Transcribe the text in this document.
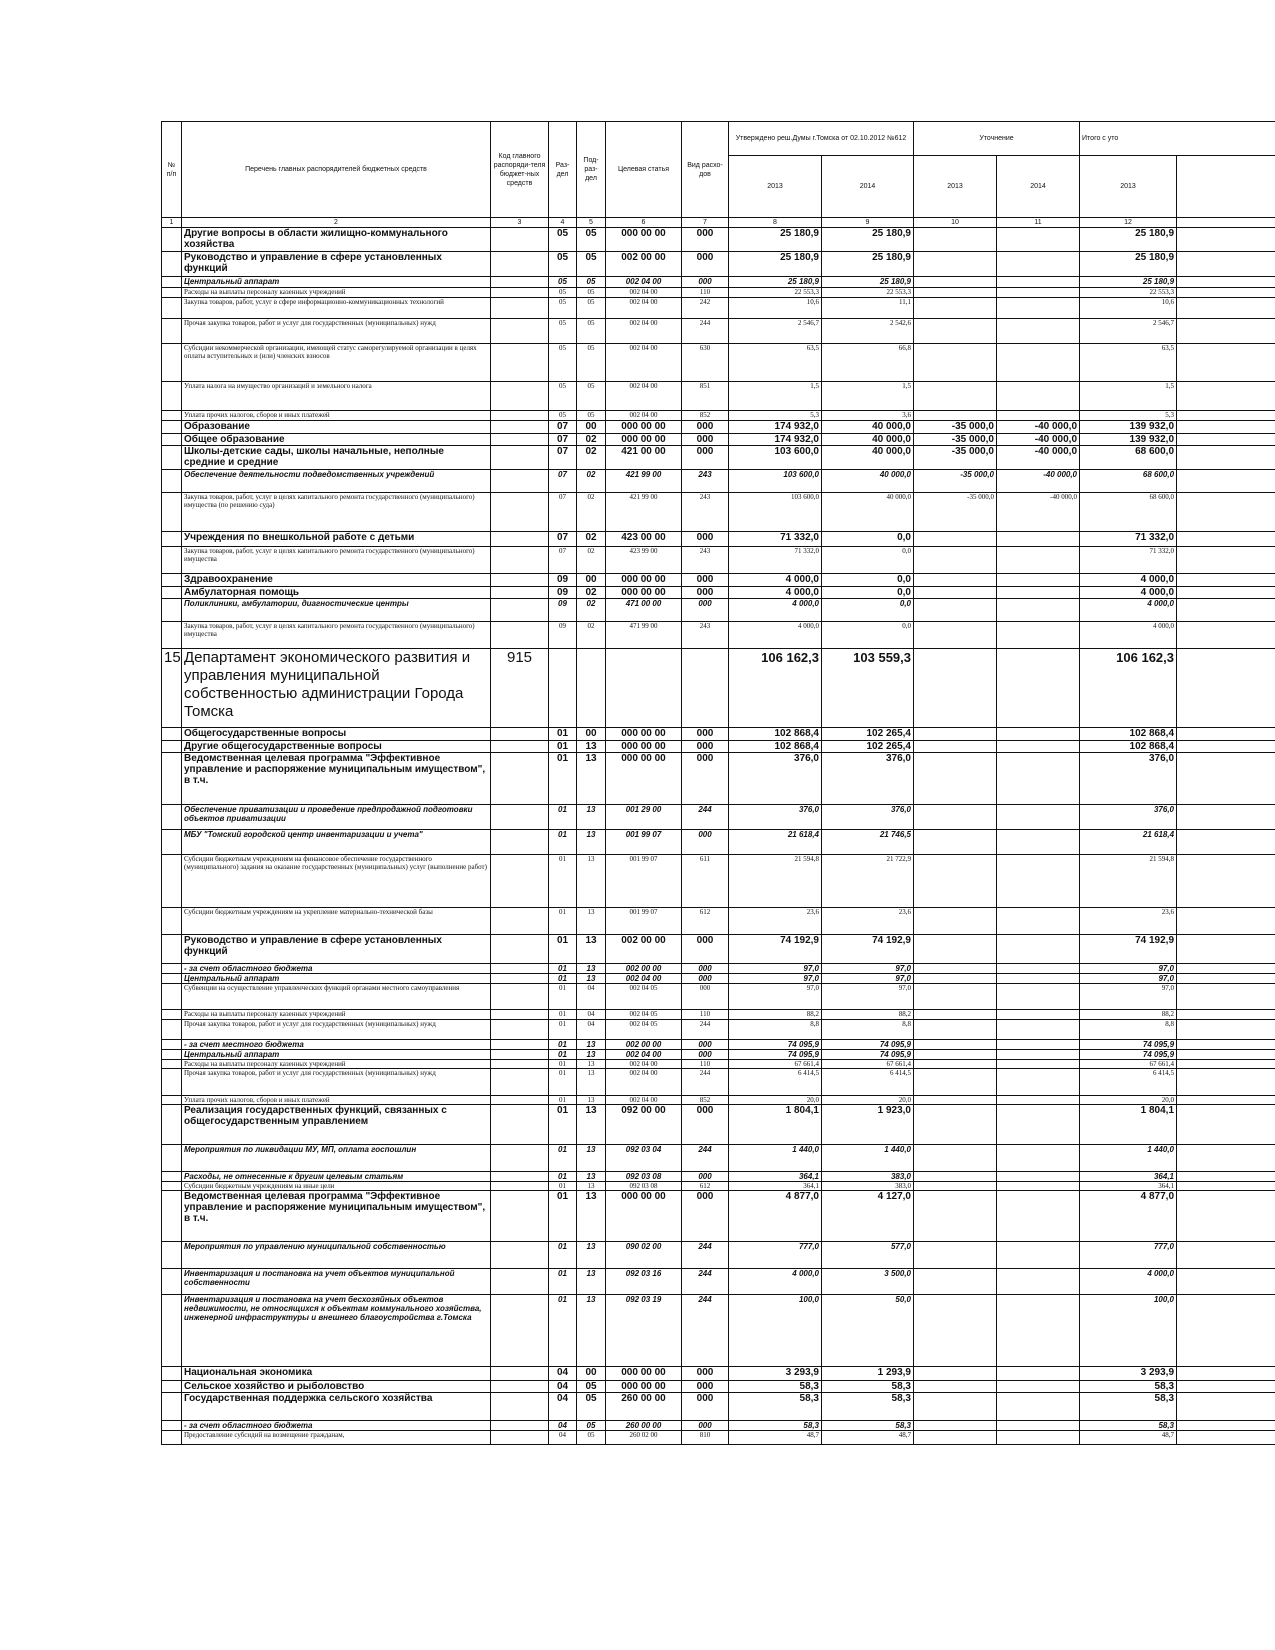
№ п/п	Перечень главных распорядителей бюджетных средств	Код главного распоряди-теля бюджет-ных средств	Раз-дел	Под-раз-дел	Целевая статья	Вид расхо-дов	Утверждено реш.Думы г.Томска от 02.10.2012 №612		Уточнение		Итого с уто	
							2013	2014	2013	2014	2013	
1	2	3	4	5	6	7	8	9	10	11	12	
	Другие вопросы в области жилищно-коммунального хозяйства		05	05	000 00 00	000	25 180,9	25 180,9			25 180,9	
	Руководство и управление в сфере установленных функций		05	05	002 00 00	000	25 180,9	25 180,9			25 180,9	
	Центральный аппарат		05	05	002 04 00	000	25 180,9	25 180,9			25 180,9	
	Расходы на выплаты персоналу казенных учреждений		05	05	002 04 00	110	22 553,3	22 553,3			22 553,3	
	Закупка товаров, работ, услуг в сфере информационно-коммуникационных технологий		05	05	002 04 00	242	10,6	11,1			10,6	
	Прочая закупка товаров, работ и услуг для государственных (муниципальных) нужд		05	05	002 04 00	244	2 546,7	2 542,6			2 546,7	
	Субсидии некоммерческой организации, имеющей статус саморегулируемой организации в целях оплаты вступительных и (или) членских взносов		05	05	002 04 00	630	63,5	66,8			63,5	
	Уплата налога на имущество организаций и земельного налога		05	05	002 04 00	851	1,5	1,5			1,5	
	Уплата прочих налогов, сборов и иных платежей		05	05	002 04 00	852	5,3	3,6			5,3	
	Образование		07	00	000 00 00	000	174 932,0	40 000,0	-35 000,0	-40 000,0	139 932,0	
	Общее образование		07	02	000 00 00	000	174 932,0	40 000,0	-35 000,0	-40 000,0	139 932,0	
	Школы-детские сады, школы начальные, неполные средние и средние		07	02	421 00 00	000	103 600,0	40 000,0	-35 000,0	-40 000,0	68 600,0	
	Обеспечение деятельности подведомственных учреждений		07	02	421 99 00	243	103 600,0	40 000,0	-35 000,0	-40 000,0	68 600,0	
	Закупка товаров, работ, услуг в целях капитального ремонта государственного (муниципального) имущества (по решению суда)		07	02	421 99 00	243	103 600,0	40 000,0	-35 000,0	-40 000,0	68 600,0	
	Учреждения по внешкольной работе с детьми		07	02	423 00 00	000	71 332,0	0,0			71 332,0	
	Закупка товаров, работ, услуг в целях капитального ремонта государственного (муниципального) имущества		07	02	423 99 00	243	71 332,0	0,0			71 332,0	
	Здравоохранение		09	00	000 00 00	000	4 000,0	0,0			4 000,0	
	Амбулаторная помощь		09	02	000 00 00	000	4 000,0	0,0			4 000,0	
	Поликлиники, амбулатории, диагностические центры		09	02	471 00 00	000	4 000,0	0,0			4 000,0	
	Закупка товаров, работ, услуг в целях капитального ремонта государственного (муниципального) имущества		09	02	471 99 00	243	4 000,0	0,0			4 000,0	
15	Департамент экономического развития и управления муниципальной собственностью администрации Города Томска	915					106 162,3	103 559,3			106 162,3	
	Общегосударственные вопросы		01	00	000 00 00	000	102 868,4	102 265,4			102 868,4	
	Другие общегосударственные вопросы		01	13	000 00 00	000	102 868,4	102 265,4			102 868,4	
	Ведомственная целевая программа "Эффективное управление и распоряжение муниципальным имуществом", в т.ч.		01	13	000 00 00	000	376,0	376,0			376,0	
	Обеспечение приватизации и проведение предпродажной подготовки объектов приватизации		01	13	001 29 00	244	376,0	376,0			376,0	
	МБУ "Томский городской центр инвентаризации и учета"		01	13	001 99 07	000	21 618,4	21 746,5			21 618,4	
	Субсидии бюджетным учреждениям на финансовое обеспечение государственного (муниципального) задания на оказание государственных (муниципальных) услуг (выполнение работ)		01	13	001 99 07	611	21 594,8	21 722,9			21 594,8	
	Субсидии бюджетным учреждениям на укрепление материально-технической базы		01	13	001 99 07	612	23,6	23,6			23,6	
	Руководство и управление в сфере установленных функций		01	13	002 00 00	000	74 192,9	74 192,9			74 192,9	
	- за счет областного бюджета		01	13	002 00 00	000	97,0	97,0			97,0	
	Центральный аппарат		01	13	002 04 00	000	97,0	97,0			97,0	
	Субвенции на осуществление управленческих функций органами местного самоуправления		01	04	002 04 05	000	97,0	97,0			97,0	
	Расходы на выплаты персоналу казенных учреждений		01	04	002 04 05	110	88,2	88,2			88,2	
	Прочая закупка товаров, работ и услуг для государственных (муниципальных) нужд		01	04	002 04 05	244	8,8	8,8			8,8	
	- за счет местного бюджета		01	13	002 00 00	000	74 095,9	74 095,9			74 095,9	
	Центральный аппарат		01	13	002 04 00	000	74 095,9	74 095,9			74 095,9	
	Расходы на выплаты персоналу казенных учреждений		01	13	002 04 00	110	67 661,4	67 661,4			67 661,4	
	Прочая закупка товаров, работ и услуг для государственных (муниципальных) нужд		01	13	002 04 00	244	6 414,5	6 414,5			6 414,5	
	Уплата прочих налогов, сборов и иных платежей		01	13	002 04 00	852	20,0	20,0			20,0	
	Реализация государственных функций, связанных с общегосударственным управлением		01	13	092 00 00	000	1 804,1	1 923,0			1 804,1	
	Мероприятия по ликвидации МУ, МП, оплата госпошлин		01	13	092 03 04	244	1 440,0	1 440,0			1 440,0	
	Расходы, не отнесенные к другим целевым статьям		01	13	092 03 08	000	364,1	383,0			364,1	
	Субсидии бюджетным учреждениям на иные цели		01	13	092 03 08	612	364,1	383,0			364,1	
	Ведомственная целевая программа "Эффективное управление и распоряжение муниципальным имуществом", в т.ч.		01	13	000 00 00	000	4 877,0	4 127,0			4 877,0	
	Мероприятия по управлению муниципальной собственностью		01	13	090 02 00	244	777,0	577,0			777,0	
	Инвентаризация и постановка на учет объектов муниципальной собственности		01	13	092 03 16	244	4 000,0	3 500,0			4 000,0	
	Инвентаризация и постановка на учет бесхозяйных объектов недвижимости, не относящихся к объектам коммунального хозяйства, инженерной инфраструктуры и внешнего благоустройства г.Томска		01	13	092 03 19	244	100,0	50,0			100,0	
	Национальная экономика		04	00	000 00 00	000	3 293,9	1 293,9			3 293,9	
	Сельское хозяйство и рыболовство		04	05	000 00 00	000	58,3	58,3			58,3	
	Государственная поддержка сельского хозяйства		04	05	260 00 00	000	58,3	58,3			58,3	
	- за счет областного бюджета		04	05	260 00 00	000	58,3	58,3			58,3	
	Предоставление субсидий на возмещение гражданам,		04	05	260 02 00	810	48,7	48,7			48,7	
